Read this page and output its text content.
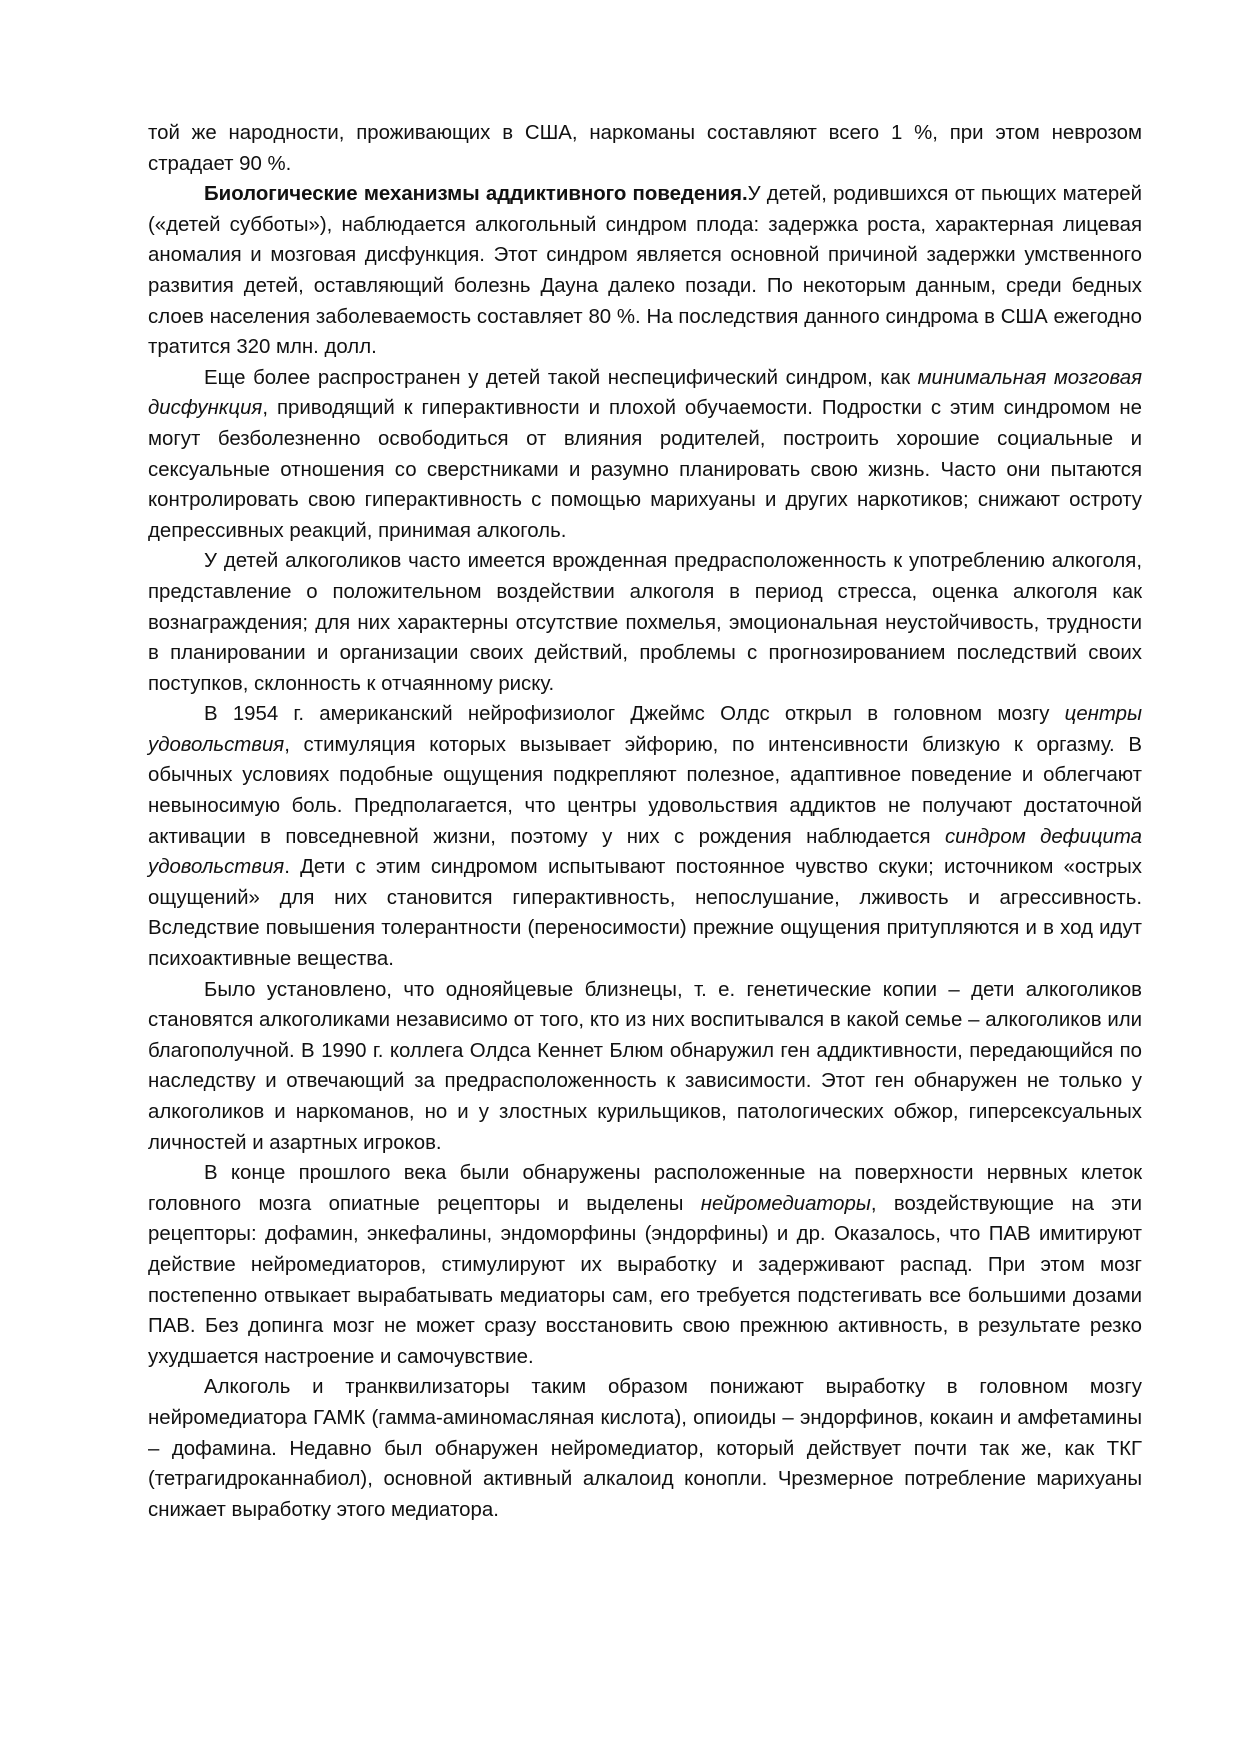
той же народности, проживающих в США, наркоманы составляют всего 1 %, при этом неврозом страдает 90 %.

Биологические механизмы аддиктивного поведения.У детей, родившихся от пьющих матерей («детей субботы»), наблюдается алкогольный синдром плода: задержка роста, характерная лицевая аномалия и мозговая дисфункция. Этот синдром является основной причиной задержки умственного развития детей, оставляющий болезнь Дауна далеко позади. По некоторым данным, среди бедных слоев населения заболеваемость составляет 80 %. На последствия данного синдрома в США ежегодно тратится 320 млн. долл.

Еще более распространен у детей такой неспецифический синдром, как минимальная мозговая дисфункция, приводящий к гиперактивности и плохой обучаемости. Подростки с этим синдромом не могут безболезненно освободиться от влияния родителей, построить хорошие социальные и сексуальные отношения со сверстниками и разумно планировать свою жизнь. Часто они пытаются контролировать свою гиперактивность с помощью марихуаны и других наркотиков; снижают остроту депрессивных реакций, принимая алкоголь.

У детей алкоголиков часто имеется врожденная предрасположенность к употреблению алкоголя, представление о положительном воздействии алкоголя в период стресса, оценка алкоголя как вознаграждения; для них характерны отсутствие похмелья, эмоциональная неустойчивость, трудности в планировании и организации своих действий, проблемы с прогнозированием последствий своих поступков, склонность к отчаянному риску.

В 1954 г. американский нейрофизиолог Джеймс Олдс открыл в головном мозгу центры удовольствия, стимуляция которых вызывает эйфорию, по интенсивности близкую к оргазму. В обычных условиях подобные ощущения подкрепляют полезное, адаптивное поведение и облегчают невыносимую боль. Предполагается, что центры удовольствия аддиктов не получают достаточной активации в повседневной жизни, поэтому у них с рождения наблюдается синдром дефицита удовольствия. Дети с этим синдромом испытывают постоянное чувство скуки; источником «острых ощущений» для них становится гиперактивность, непослушание, лживость и агрессивность. Вследствие повышения толерантности (переносимости) прежние ощущения притупляются и в ход идут психоактивные вещества.

Было установлено, что однояйцевые близнецы, т. е. генетические копии – дети алкоголиков становятся алкоголиками независимо от того, кто из них воспитывался в какой семье – алкоголиков или благополучной. В 1990 г. коллега Олдса Кеннет Блюм обнаружил ген аддиктивности, передающийся по наследству и отвечающий за предрасположенность к зависимости. Этот ген обнаружен не только у алкоголиков и наркоманов, но и у злостных курильщиков, патологических обжор, гиперсексуальных личностей и азартных игроков.

В конце прошлого века были обнаружены расположенные на поверхности нервных клеток головного мозга опиатные рецепторы и выделены нейромедиаторы, воздействующие на эти рецепторы: дофамин, энкефалины, эндоморфины (эндорфины) и др. Оказалось, что ПАВ имитируют действие нейромедиаторов, стимулируют их выработку и задерживают распад. При этом мозг постепенно отвыкает вырабатывать медиаторы сам, его требуется подстегивать все большими дозами ПАВ. Без допинга мозг не может сразу восстановить свою прежнюю активность, в результате резко ухудшается настроение и самочувствие.

Алкоголь и транквилизаторы таким образом понижают выработку в головном мозгу нейромедиатора ГАМК (гамма-аминомасляная кислота), опиоиды – эндорфинов, кокаин и амфетамины – дофамина. Недавно был обнаружен нейромедиатор, который действует почти так же, как ТКГ (тетрагидроканнабиол), основной активный алкалоид конопли. Чрезмерное потребление марихуаны снижает выработку этого медиатора.
